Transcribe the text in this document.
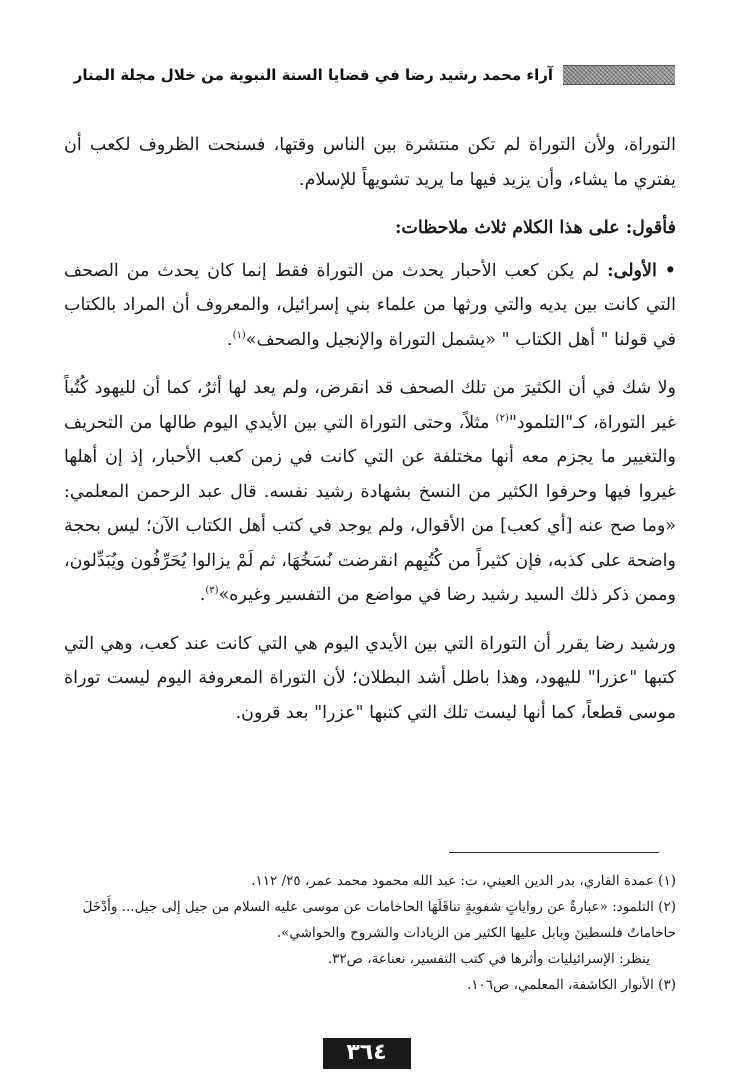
آراء محمد رشيد رضا في قضايا السنة النبوية من خلال مجلة المنار

التوراة، ولأن التوراة لم تكن منتشرة بين الناس وقتها، فسنحت الظروف لكعب أن يفتري ما يشاء، وأن يزيد فيها ما يريد تشويهاً للإسلام.

فأقول: على هذا الكلام ثلاث ملاحظات:

• الأولى: لم يكن كعب الأحبار يحدث من التوراة فقط إنما كان يحدث من الصحف التي كانت بين يديه والتي ورثها من علماء بني إسرائيل، والمعروف أن المراد بالكتاب في قولنا " أهل الكتاب " «يشمل التوراة والإنجيل والصحف»$^{(١)}$.

ولا شك في أن الكثيرَ من تلك الصحف قد انقرض، ولم يعد لها أثرٌ، كما أن لليهود كُتُباً غير التوراة، كـ"التلمود"$^{(٢)}$ مثلاً، وحتى التوراة التي بين الأيدي اليوم طالها من التحريف والتغيير ما يجزم معه أنها مختلفة عن التي كانت في زمن كعب الأحبار، إذ إن أهلها غيروا فيها وحرفوا الكثير من النسخ بشهادة رشيد نفسه. قال عبد الرحمن المعلمي: «وما صح عنه [أي كعب] من الأقوال، ولم يوجد في كتب أهل الكتاب الآن؛ ليس بحجة واضحة على كذبه، فإن كثيراً من كُتُبِهم انقرضت نُسَخُهَا، ثم لَمْ يزالوا يُحَرِّفُون ويُبَدِّلون، وممن ذكر ذلك السيد رشيد رضا في مواضع من التفسير وغيره»$^{(٣)}$.

ورشيد رضا يقرر أن التوراة التي بين الأيدي اليوم هي التي كانت عند كعب، وهي التي كتبها "عزرا" لليهود، وهذا باطل أشد البطلان؛ لأن التوراة المعروفة اليوم ليست توراة موسى قطعاً، كما أنها ليست تلك التي كتبها "عزرا" بعد قرون.

(١) عمدة القاري، بدر الدين العيني، ت: عبد الله محمود محمد عمر، ٢٥/ ١١٢.

(٢) التلمود: «عبارةٌ عن رواياتٍ شفويةٍ تناقَلَهَا الحاخامات عن موسى عليه السلام من جيل إلى جيل... وأَدْخَلَ حاخاماتُ فلسطينَ وبابل عليها الكثير من الزيادات والشروح والحواشي».

ينظر: الإسرائيليات وأثرها في كتب التفسير، نعناعة، ص٣٢.

(٣) الأنوار الكاشفة، المعلمي، ص١٠٦.

٣٦٤
